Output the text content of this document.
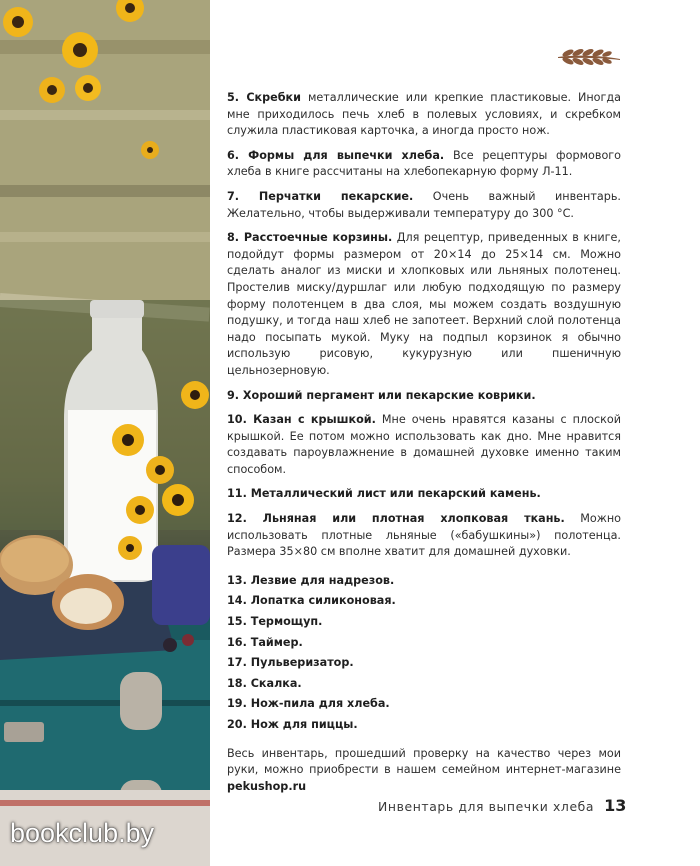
bookclub.by

5. Скребки металлические или крепкие пластиковые. Иногда мне приходилось печь хлеб в полевых условиях, и скребком служила пластиковая карточка, а иногда просто нож.

6. Формы для выпечки хлеба. Все рецептуры формового хлеба в книге рассчитаны на хлебопекарную форму Л-11.

7. Перчатки пекарские. Очень важный инвентарь. Желательно, чтобы выдерживали температуру до 300 °С.

8. Расстоечные корзины. Для рецептур, приведенных в книге, подойдут формы размером от 20×14 до 25×14 см. Можно сделать аналог из миски и хлопковых или льняных полотенец. Простелив миску/дуршлаг или любую подходящую по размеру форму полотенцем в два слоя, мы можем создать воздушную подушку, и тогда наш хлеб не запотеет. Верхний слой полотенца надо посыпать мукой. Муку на подпыл корзинок я обычно использую рисовую, кукурузную или пшеничную цельнозерновую.

9. Хороший пергамент или пекарские коврики.

10. Казан с крышкой. Мне очень нравятся казаны с плоской крышкой. Ее потом можно использовать как дно. Мне нравится создавать пароувлажнение в домашней духовке именно таким способом.

11. Металлический лист или пекарский камень.

12. Льняная или плотная хлопковая ткань. Можно использовать плотные льняные («бабушкины») полотенца. Размера 35×80 см вполне хватит для домашней духовки.

13. Лезвие для надрезов.

14. Лопатка силиконовая.

15. Термощуп.

16. Таймер.

17. Пульверизатор.

18. Скалка.

19. Нож-пила для хлеба.

20. Нож для пиццы.

Весь инвентарь, прошедший проверку на качество через мои руки, можно приобрести в нашем семейном интернет-магазине pekushop.ru

Инвентарь для выпечки хлеба 13
